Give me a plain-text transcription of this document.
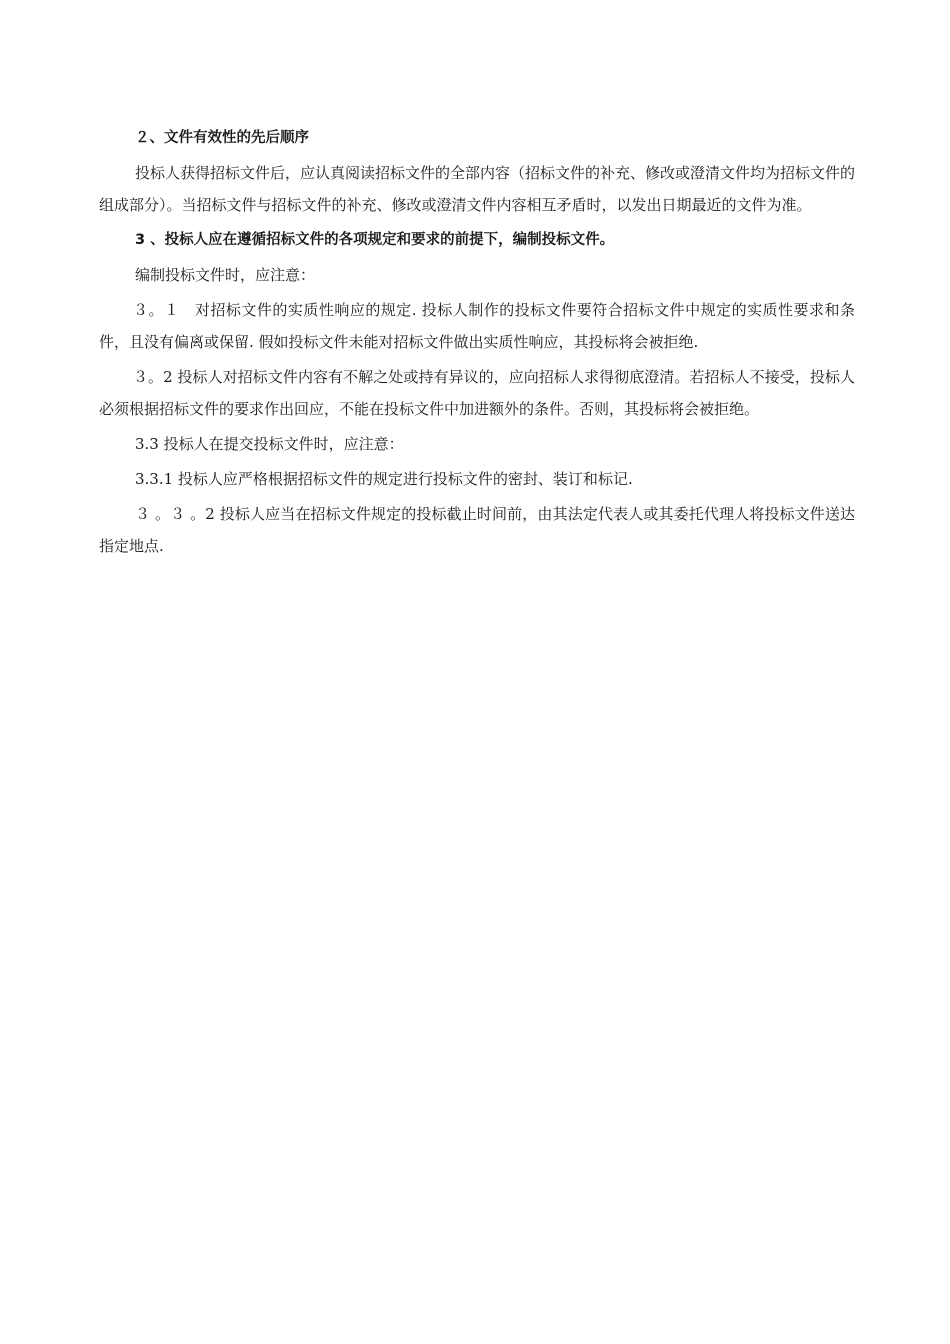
２、文件有效性的先后顺序
投标人获得招标文件后，应认真阅读招标文件的全部内容（招标文件的补充、修改或澄清文件均为招标文件的组成部分）。当招标文件与招标文件的补充、修改或澄清文件内容相互矛盾时，以发出日期最近的文件为准。
3 、投标人应在遵循招标文件的各项规定和要求的前提下，编制投标文件。
编制投标文件时，应注意：
３。１　对招标文件的实质性响应的规定. 投标人制作的投标文件要符合招标文件中规定的实质性要求和条件，且没有偏离或保留. 假如投标文件未能对招标文件做出实质性响应，其投标将会被拒绝.
３。2 投标人对招标文件内容有不解之处或持有异议的，应向招标人求得彻底澄清。若招标人不接受，投标人必须根据招标文件的要求作出回应，不能在投标文件中加进额外的条件。否则，其投标将会被拒绝。
3.3 投标人在提交投标文件时，应注意：
3.3.1 投标人应严格根据招标文件的规定进行投标文件的密封、装订和标记.
３ 。３ 。2 投标人应当在招标文件规定的投标截止时间前，由其法定代表人或其委托代理人将投标文件送达指定地点.
